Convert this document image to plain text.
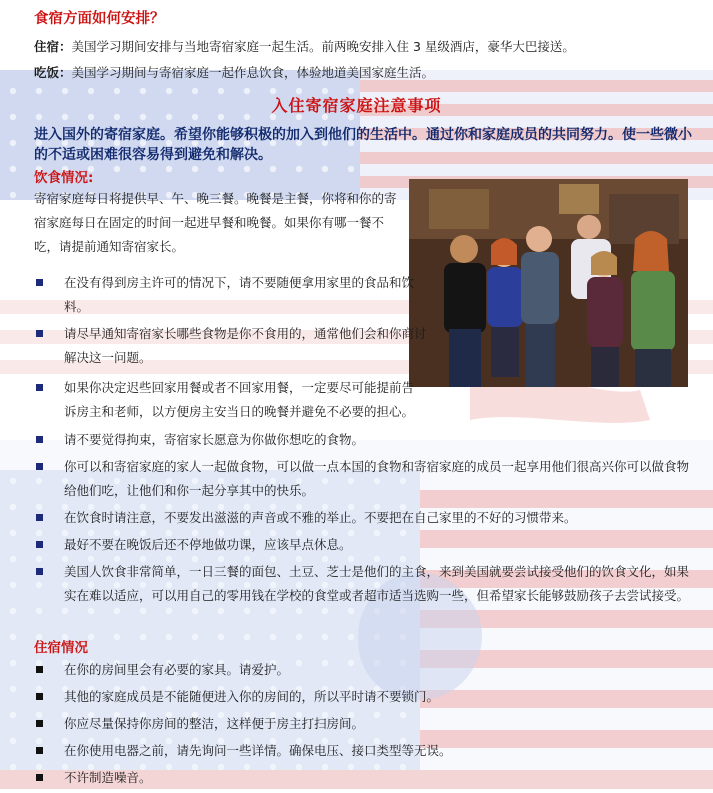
食宿方面如何安排？
住宿：美国学习期间安排与当地寄宿家庭一起生活。前两晚安排入住 3 星级酒店，豪华大巴接送。
吃饭：美国学习期间与寄宿家庭一起作息饮食，体验地道美国家庭生活。
入住寄宿家庭注意事项
进入国外的寄宿家庭。希望你能够积极的加入到他们的生活中。通过你和家庭成员的共同努力。使一些微小的不适或困难很容易得到避免和解决。
饮食情况:
寄宿家庭每日将提供早、午、晚三餐。晚餐是主餐，你将和你的寄宿家庭每日在固定的时间一起进早餐和晚餐。如果你有哪一餐不吃，请提前通知寄宿家长。
在没有得到房主许可的情况下，请不要随便拿用家里的食品和饮料。
请尽早通知寄宿家长哪些食物是你不食用的，通常他们会和你商讨解决这一问题。
如果你决定迟些回家用餐或者不回家用餐，一定要尽可能提前告诉房主和老师，以方便房主安当日的晚餐并避免不必要的担心。
请不要觉得拘束，寄宿家长愿意为你做你想吃的食物。
你可以和寄宿家庭的家人一起做食物，可以做一点本国的食物和寄宿家庭的成员一起享用他们很高兴你可以做食物给他们吃，让他们和你一起分享其中的快乐。
在饮食时请注意，不要发出滋滋的声音或不雅的举止。不要把在自己家里的不好的习惯带来。
最好不要在晚饭后还不停地做功课，应该早点休息。
美国人饮食非常简单，一日三餐的面包、土豆、芝士是他们的主食，来到美国就要尝试接受他们的饮食文化，如果实在难以适应，可以用自己的零用钱在学校的食堂或者超市适当选购一些，但希望家长能够鼓励孩子去尝试接受。
住宿情况
在你的房间里会有必要的家具。请爱护。
其他的家庭成员是不能随便进入你的房间的，所以平时请不要锁门。
你应尽量保持你房间的整洁，这样便于房主打扫房间。
在你使用电器之前，请先询问一些详情。确保电压、接口类型等无误。
不许制造噪音。
